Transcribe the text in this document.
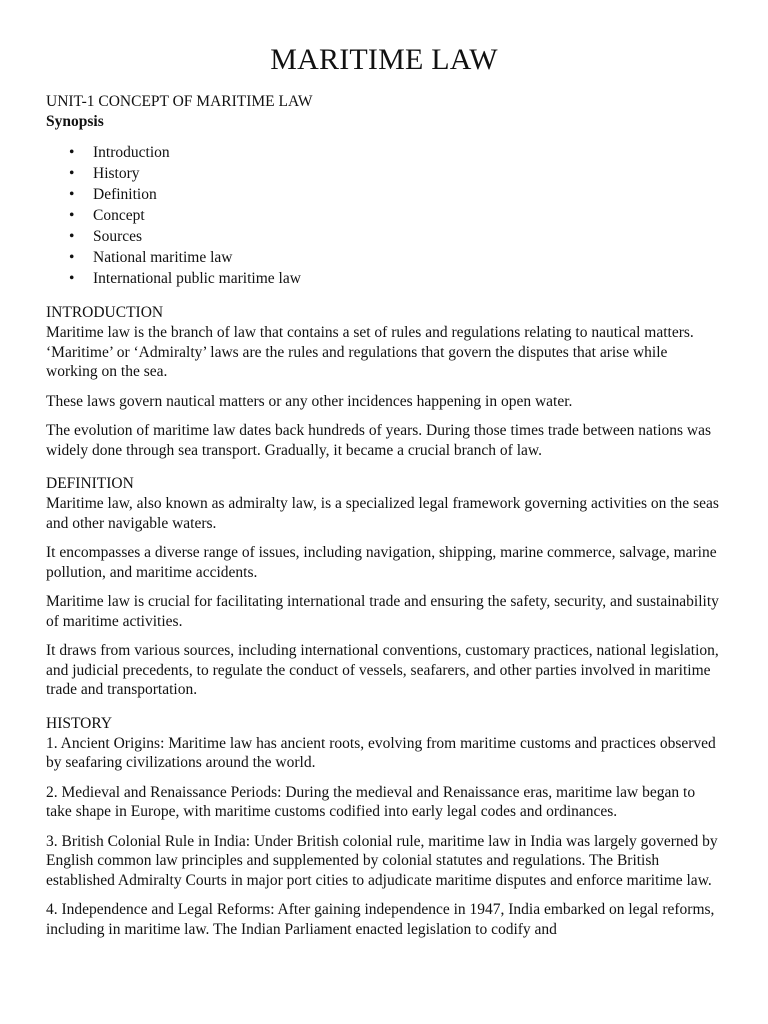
MARITIME LAW

UNIT-1 CONCEPT OF MARITIME LAW

Synopsis

• Introduction
• History
• Definition
• Concept
• Sources
• National maritime law
• International public maritime law

INTRODUCTION

Maritime law is the branch of law that contains a set of rules and regulations relating to nautical matters. ‘Maritime’ or ‘Admiralty’ laws are the rules and regulations that govern the disputes that arise while working on the sea.

These laws govern nautical matters or any other incidences happening in open water.

The evolution of maritime law dates back hundreds of years. During those times trade between nations was widely done through sea transport. Gradually, it became a crucial branch of law.

DEFINITION

Maritime law, also known as admiralty law, is a specialized legal framework governing activities on the seas and other navigable waters.

It encompasses a diverse range of issues, including navigation, shipping, marine commerce, salvage, marine pollution, and maritime accidents.

Maritime law is crucial for facilitating international trade and ensuring the safety, security, and sustainability of maritime activities.

It draws from various sources, including international conventions, customary practices, national legislation, and judicial precedents, to regulate the conduct of vessels, seafarers, and other parties involved in maritime trade and transportation.

HISTORY

1. Ancient Origins: Maritime law has ancient roots, evolving from maritime customs and practices observed by seafaring civilizations around the world.

2. Medieval and Renaissance Periods: During the medieval and Renaissance eras, maritime law began to take shape in Europe, with maritime customs codified into early legal codes and ordinances.

3. British Colonial Rule in India: Under British colonial rule, maritime law in India was largely governed by English common law principles and supplemented by colonial statutes and regulations. The British established Admiralty Courts in major port cities to adjudicate maritime disputes and enforce maritime law.

4. Independence and Legal Reforms: After gaining independence in 1947, India embarked on legal reforms, including in maritime law. The Indian Parliament enacted legislation to codify and
